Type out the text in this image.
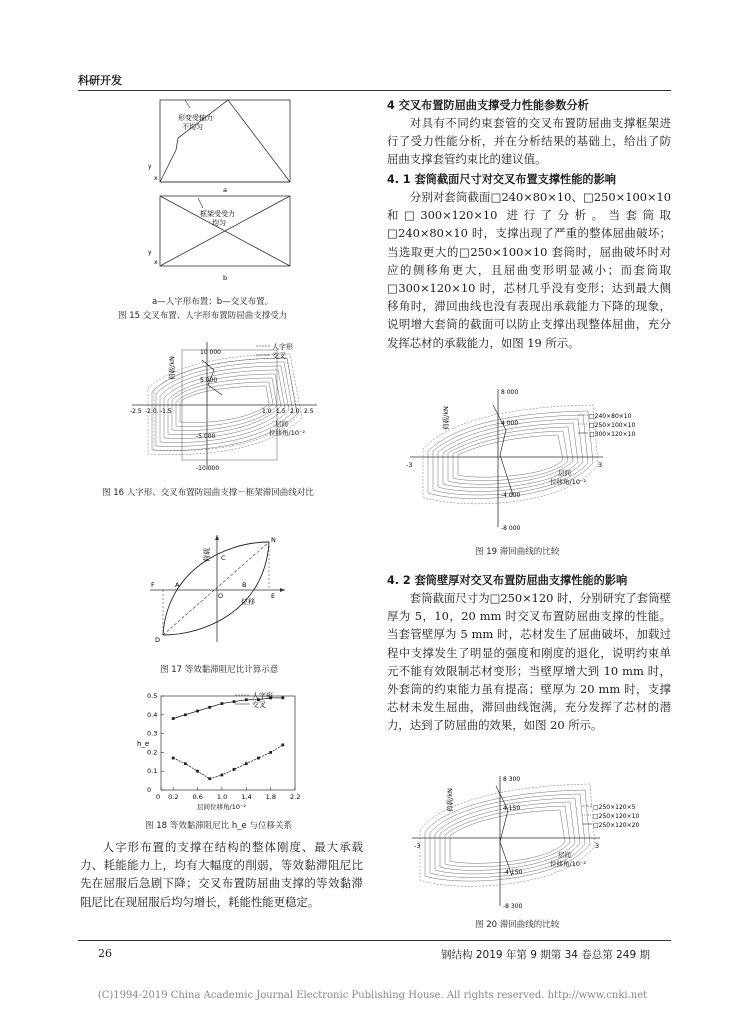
科研开发
26	钢结构 2019 年第 9 期第 34 卷总第 249 期
(C)1994-2019 China Academic Journal Electronic Publishing House. All rights reserved. http://www.cnki.net
形变受轴力
不均匀
y
x
a
框架受受力
均匀
y
x
b
a—人字形布置；b—交叉布置。
图 15 交叉布置、人字形布置防屈曲支撑受力
人字形
交叉
10 000
5 000
-5 000
-10 000
荷载/kN
-2.5 -2.0 -1.5	1.0 1.5 2.0 2.5
层间
位移角/10⁻²
图 16 人字形、交叉布置防屈曲支撑－框架滞回曲线对比
N
E
O
A	B
C
D
F
荷载
位移
图 17 等效黏滞阻尼比计算示意
0.5
0.4
0.3
0.2
0.1
0
0 0.2 0.6 1.0 1.4 1.8 2.2
h_e
层间位移角/10⁻²
人字形
交叉
图 18 等效黏滞阻尼比 h_e 与位移关系
人字形布置的支撑在结构的整体刚度、最大承载力、耗能能力上，均有大幅度的削弱，等效黏滞阻尼比先在屈服后急剧下降；交叉布置防屈曲支撑的等效黏滞阻尼比在现屈服后均匀增长，耗能性能更稳定。
4 交叉布置防屈曲支撑受力性能参数分析
对具有不同约束套管的交叉布置防屈曲支撑框架进行了受力性能分析，并在分析结果的基础上，给出了防屈曲支撑套管约束比的建议值。
4. 1 套筒截面尺寸对交叉布置支撑性能的影响
分别对套筒截面□240×80×10、□250×100×10 和□300×120×10 进行了分析。当套筒取□240×80×10 时，支撑出现了严重的整体屈曲破坏；当选取更大的□250×100×10 套筒时，屈曲破坏时对应的侧移角更大，且屈曲变形明显减小；而套筒取□300×120×10 时，芯材几乎没有变形；达到最大侧移角时，滞回曲线也没有表现出承载能力下降的现象，说明增大套筒的截面可以防止支撑出现整体屈曲，充分发挥芯材的承载能力，如图 19 所示。
8 000
4 000
-4 000
-8 000
荷载/kN
-3	3
层间
位移角/10⁻²
□240×80×10
□250×100×10
□300×120×10
图 19 滞回曲线的比较
4. 2 套筒壁厚对交叉布置防屈曲支撑性能的影响
套筒截面尺寸为□250×120 时，分别研究了套筒壁厚为 5，10，20 mm 时交叉布置防屈曲支撑的性能。当套管壁厚为 5 mm 时，芯材发生了屈曲破坏，加载过程中支撑发生了明显的强度和刚度的退化，说明约束单元不能有效限制芯材变形；当壁厚增大到 10 mm 时，外套筒的约束能力虽有提高；壁厚为 20 mm 时，支撑芯材未发生屈曲，滞回曲线饱满，充分发挥了芯材的潜力，达到了防屈曲的效果，如图 20 所示。
8 300
4 150
-4 150
-8 300
荷载/kN
-3	3
层间
位移角/10⁻²
□250×120×5
□250×120×10
□250×120×20
图 20 滞回曲线的比较
